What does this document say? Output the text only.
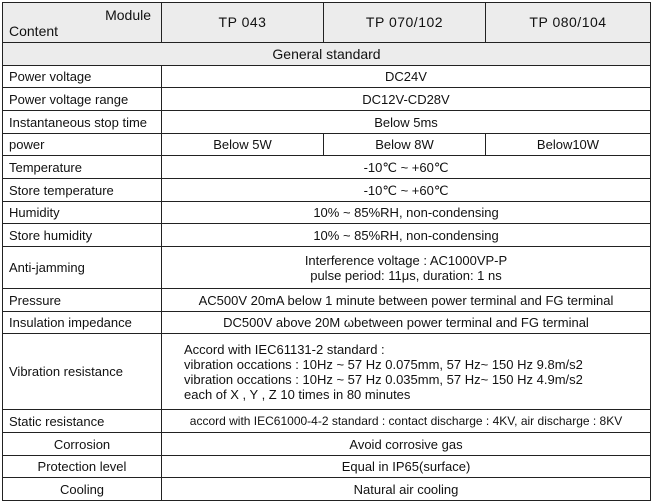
Module
Content	TP 043	TP 070/102	TP 080/104
General standard			
Power voltage	DC24V		
Power voltage range	DC12V-CD28V		
Instantaneous stop time	Below 5ms		
power	Below 5W	Below 8W	Below10W
Temperature	-10℃ ~ +60℃		
Store temperature	-10℃ ~ +60℃		
Humidity	10% ~ 85%RH, non-condensing		
Store humidity	10% ~ 85%RH, non-condensing		
Anti-jamming	Interference voltage : AC1000VP-P
pulse period: 11μs, duration: 1 ns		

Pressure	AC500V 20mA below 1 minute between power terminal and FG terminal		
Insulation impedance	DC500V above 20M ωbetween power terminal and FG terminal		
Vibration resistance	Accord with IEC61131-2 standard :
vibration occations : 10Hz ~ 57 Hz 0.075mm, 57 Hz~ 150 Hz 9.8m/s2
vibration occations : 10Hz ~ 57 Hz 0.035mm, 57 Hz~ 150 Hz 4.9m/s2
each of X , Y , Z 10 times in 80 minutes		

Static resistance	accord with IEC61000-4-2 standard : contact discharge : 4KV, air discharge : 8KV		
Corrosion	Avoid corrosive gas		
Protection level	Equal in IP65(surface)		
Cooling	Natural air cooling		
